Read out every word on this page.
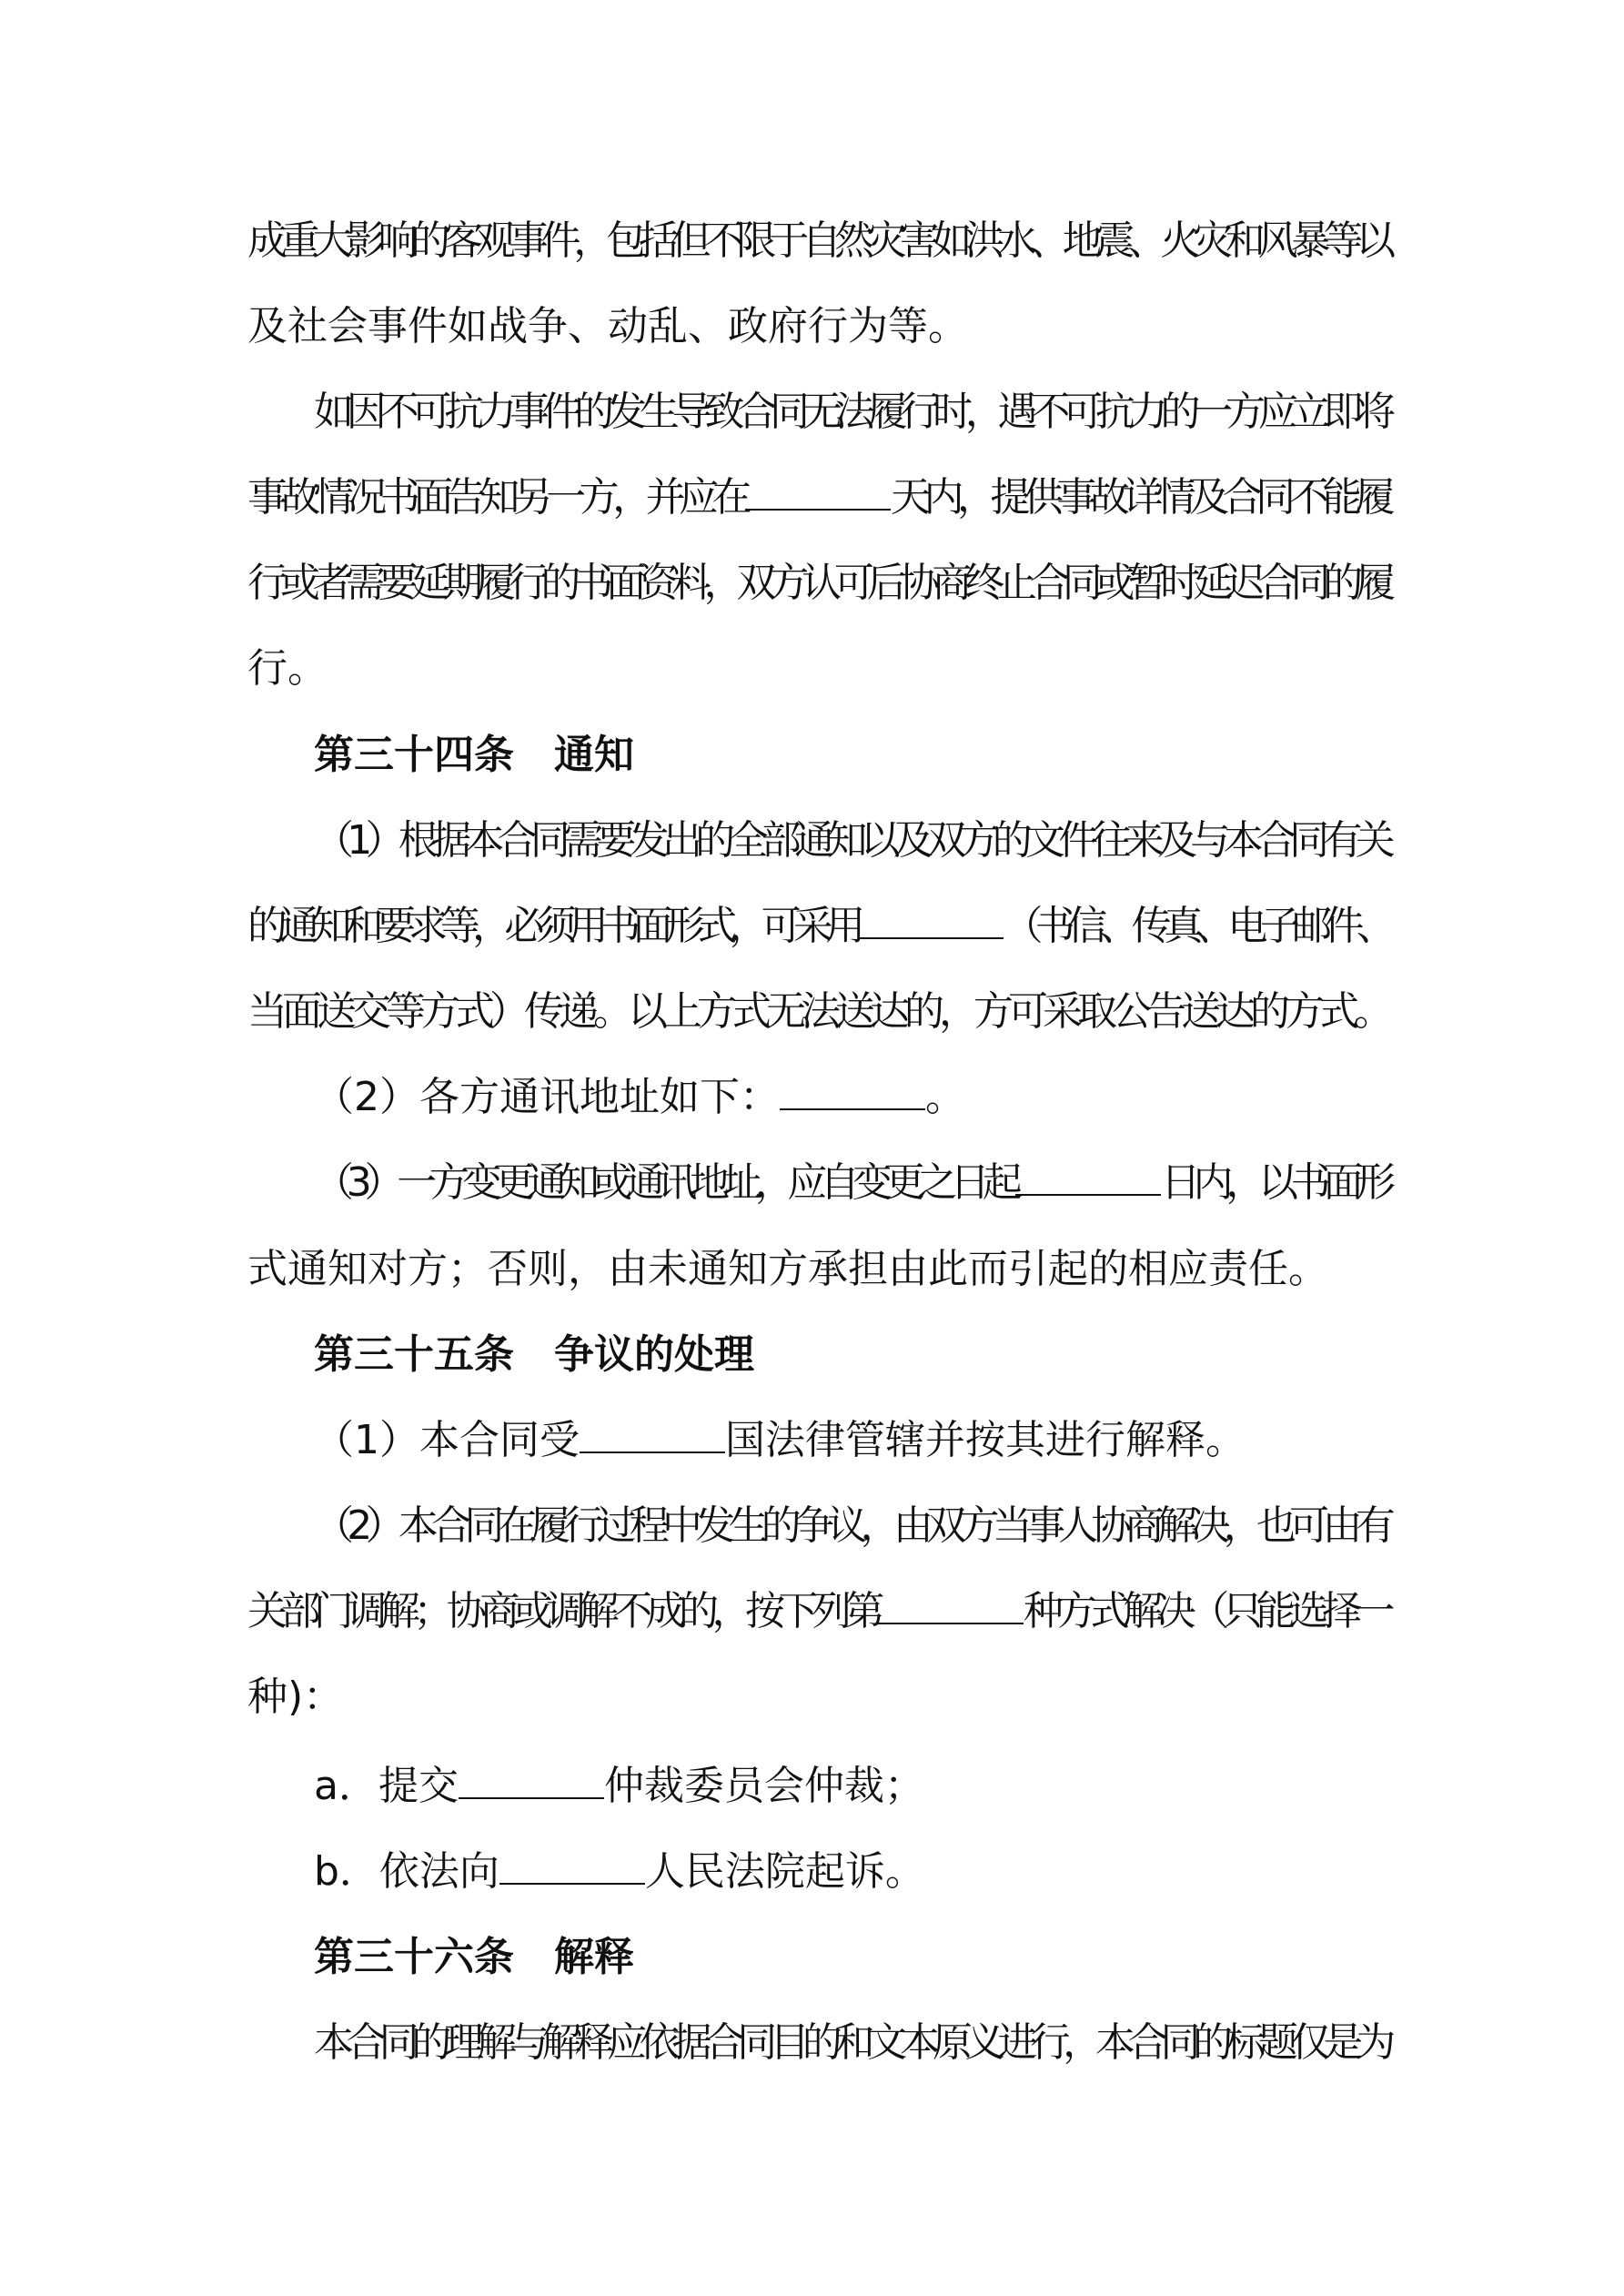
成重大影响的客观事件，包括但不限于自然灾害如洪水、地震、火灾和风暴等以
及社会事件如战争、动乱、政府行为等。
如因不可抗力事件的发生导致合同无法履行时，遇不可抗力的一方应立即将
事故情况书面告知另一方，并应在	天内，提供事故详情及合同不能履
行或者需要延期履行的书面资料，双方认可后协商终止合同或暂时延迟合同的履
行。
第三十四条　通知
（1）根据本合同需要发出的全部通知以及双方的文件往来及与本合同有关
的通知和要求等，必须用书面形式，可采用	（书信、传真、电子邮件、
当面送交等方式）传递。以上方式无法送达的，方可采取公告送达的方式。
（2）各方通讯地址如下：	。
（3）一方变更通知或通讯地址，应自变更之日起	日内，以书面形
式通知对方；否则，由未通知方承担由此而引起的相应责任。
第三十五条　争议的处理
（1）本合同受	国法律管辖并按其进行解释。
（2）本合同在履行过程中发生的争议，由双方当事人协商解决，也可由有
关部门调解；协商或调解不成的，按下列第	种方式解决（只能选择一
种)：
a．提交	仲裁委员会仲裁；
b．依法向	人民法院起诉。
第三十六条　解释
本合同的理解与解释应依据合同目的和文本原义进行，本合同的标题仅是为
